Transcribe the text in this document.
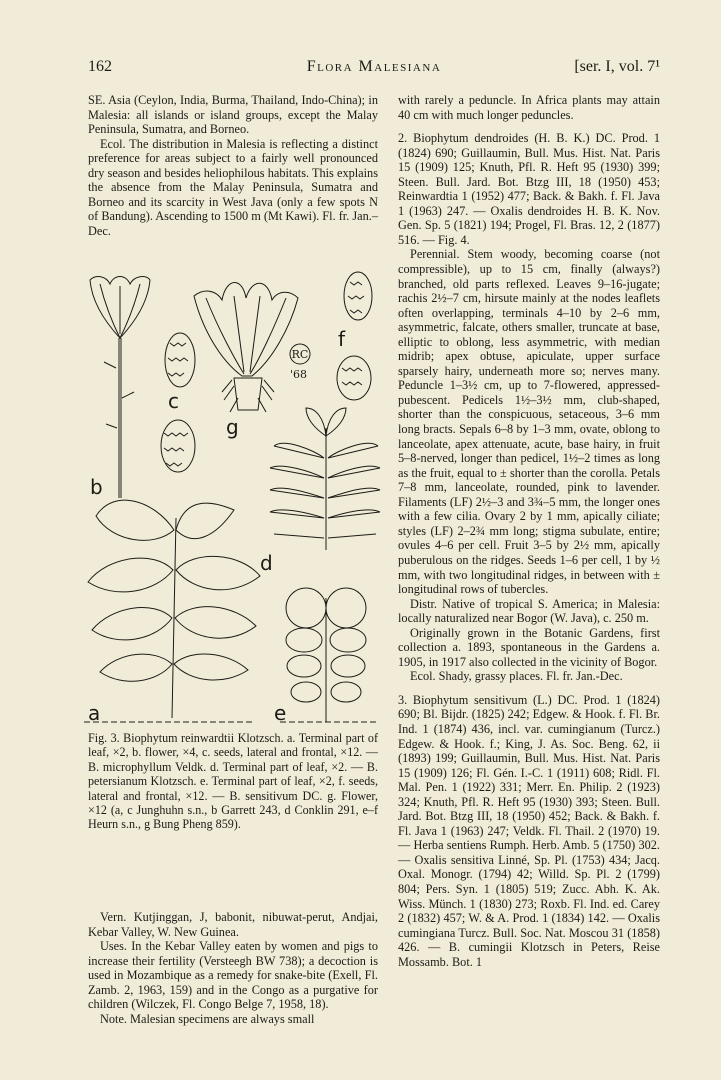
162	Flora Malesiana	[ser. I, vol. 7¹

SE. Asia (Ceylon, India, Burma, Thailand, Indo-China); in Malesia: all islands or island groups, except the Malay Peninsula, Sumatra, and Borneo.

Ecol. The distribution in Malesia is reflecting a distinct preference for areas subject to a fairly well pronounced dry season and besides heliophilous habitats. This explains the absence from the Malay Peninsula, Sumatra and Borneo and its scarcity in West Java (only a few spots N of Bandung). Ascending to 1500 m (Mt Kawi). Fl. fr. Jan.–Dec.

a
b
c
d
e
f
g
RC
'68
Fig. 3. Biophytum reinwardtii Klotzsch. a. Terminal part of leaf, ×2, b. flower, ×4, c. seeds, lateral and frontal, ×12. — B. microphyllum Veldk. d. Terminal part of leaf, ×2. — B. petersianum Klotzsch. e. Terminal part of leaf, ×2, f. seeds, lateral and frontal, ×12. — B. sensitivum DC. g. Flower, ×12 (a, c Junghuhn s.n., b Garrett 243, d Conklin 291, e–f Heurn s.n., g Bung Pheng 859).

Vern. Kutjinggan, J, babonit, nibuwat-perut, Andjai, Kebar Valley, W. New Guinea.

Uses. In the Kebar Valley eaten by women and pigs to increase their fertility (Versteegh BW 738); a decoction is used in Mozambique as a remedy for snake-bite (Exell, Fl. Zamb. 2, 1963, 159) and in the Congo as a purgative for children (Wilczek, Fl. Congo Belge 7, 1958, 18).

Note. Malesian specimens are always small

with rarely a peduncle. In Africa plants may attain 40 cm with much longer peduncles.

2. Biophytum dendroides (H. B. K.) DC. Prod. 1 (1824) 690; Guillaumin, Bull. Mus. Hist. Nat. Paris 15 (1909) 125; Knuth, Pfl. R. Heft 95 (1930) 399; Steen. Bull. Jard. Bot. Btzg III, 18 (1950) 453; Reinwardtia 1 (1952) 477; Back. & Bakh. f. Fl. Java 1 (1963) 247. — Oxalis dendroides H. B. K. Nov. Gen. Sp. 5 (1821) 194; Progel, Fl. Bras. 12, 2 (1877) 516. — Fig. 4.

Perennial. Stem woody, becoming coarse (not compressible), up to 15 cm, finally (always?) branched, old parts reflexed. Leaves 9–16-jugate; rachis 2½–7 cm, hirsute mainly at the nodes leaflets often overlapping, terminals 4–10 by 2–6 mm, asymmetric, falcate, others smaller, truncate at base, elliptic to oblong, less asymmetric, with median midrib; apex obtuse, apiculate, upper surface sparsely hairy, underneath more so; nerves many. Peduncle 1–3½ cm, up to 7-flowered, appressed-pubescent. Pedicels 1½–3½ mm, club-shaped, shorter than the conspicuous, setaceous, 3–6 mm long bracts. Sepals 6–8 by 1–3 mm, ovate, oblong to lanceolate, apex attenuate, acute, base hairy, in fruit 5–8-nerved, longer than pedicel, 1½–2 times as long as the fruit, equal to ± shorter than the corolla. Petals 7–8 mm, lanceolate, rounded, pink to lavender. Filaments (LF) 2½–3 and 3¾–5 mm, the longer ones with a few cilia. Ovary 2 by 1 mm, apically ciliate; styles (LF) 2–2¾ mm long; stigma subulate, entire; ovules 4–6 per cell. Fruit 3–5 by 2½ mm, apically puberulous on the ridges. Seeds 1–6 per cell, 1 by ½ mm, with two longitudinal ridges, in between with ± longitudinal rows of tubercles.

Distr. Native of tropical S. America; in Malesia: locally naturalized near Bogor (W. Java), c. 250 m.

Originally grown in the Botanic Gardens, first collection a. 1893, spontaneous in the Gardens a. 1905, in 1917 also collected in the vicinity of Bogor.

Ecol. Shady, grassy places. Fl. fr. Jan.-Dec.

3. Biophytum sensitivum (L.) DC. Prod. 1 (1824) 690; Bl. Bijdr. (1825) 242; Edgew. & Hook. f. Fl. Br. Ind. 1 (1874) 436, incl. var. cumingianum (Turcz.) Edgew. & Hook. f.; King, J. As. Soc. Beng. 62, ii (1893) 199; Guillaumin, Bull. Mus. Hist. Nat. Paris 15 (1909) 126; Fl. Gén. I.-C. 1 (1911) 608; Ridl. Fl. Mal. Pen. 1 (1922) 331; Merr. En. Philip. 2 (1923) 324; Knuth, Pfl. R. Heft 95 (1930) 393; Steen. Bull. Jard. Bot. Btzg III, 18 (1950) 452; Back. & Bakh. f. Fl. Java 1 (1963) 247; Veldk. Fl. Thail. 2 (1970) 19. — Herba sentiens Rumph. Herb. Amb. 5 (1750) 302. — Oxalis sensitiva Linné, Sp. Pl. (1753) 434; Jacq. Oxal. Monogr. (1794) 42; Willd. Sp. Pl. 2 (1799) 804; Pers. Syn. 1 (1805) 519; Zucc. Abh. K. Ak. Wiss. Münch. 1 (1830) 273; Roxb. Fl. Ind. ed. Carey 2 (1832) 457; W. & A. Prod. 1 (1834) 142. — Oxalis cumingiana Turcz. Bull. Soc. Nat. Moscou 31 (1858) 426. — B. cumingii Klotzsch in Peters, Reise Mossamb. Bot. 1
